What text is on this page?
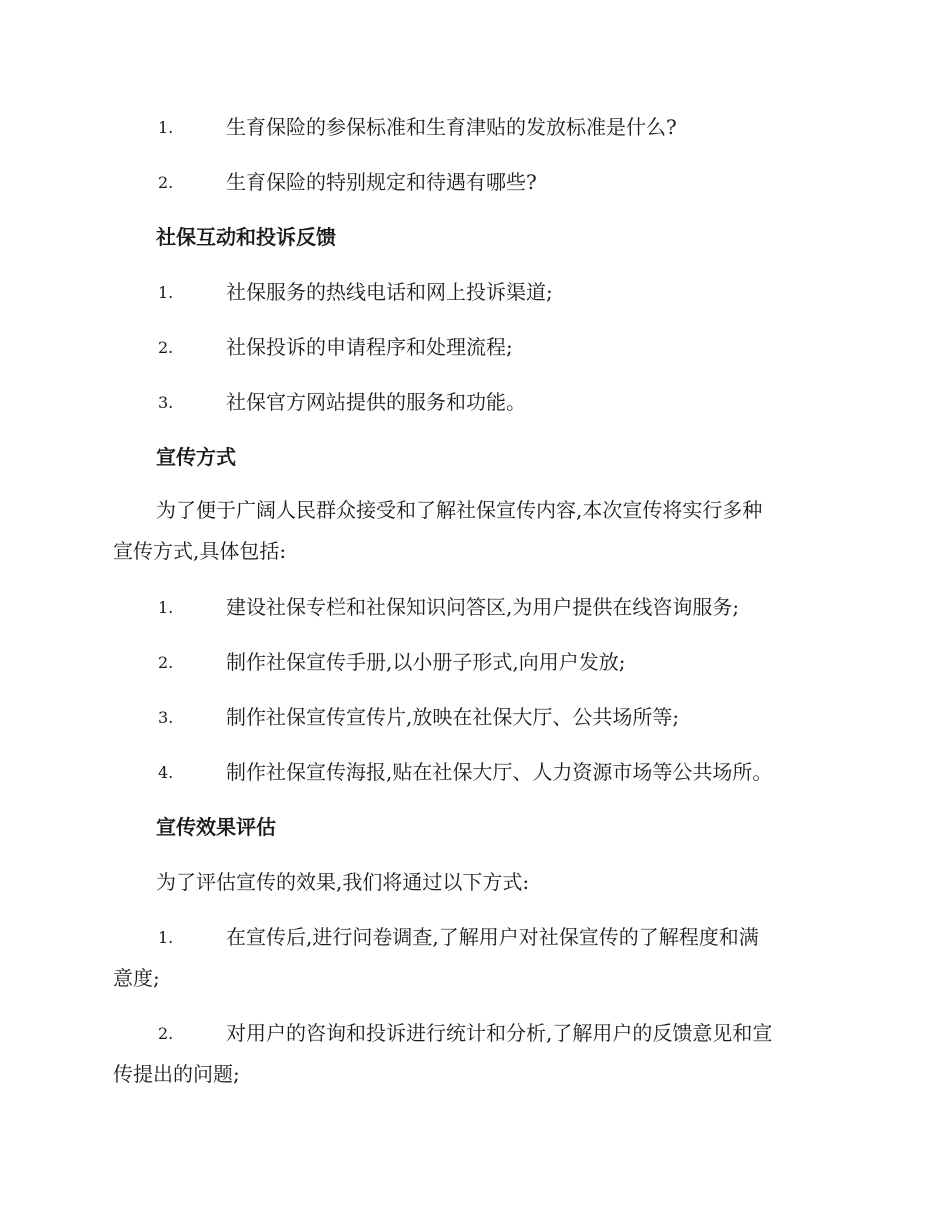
1.	生育保险的参保标准和生育津贴的发放标准是什么?
2.	生育保险的特别规定和待遇有哪些?
社保互动和投诉反馈
1.	社保服务的热线电话和网上投诉渠道;
2.	社保投诉的申请程序和处理流程;
3.	社保官方网站提供的服务和功能。
宣传方式
为了便于广阔人民群众接受和了解社保宣传内容,本次宣传将实行多种
宣传方式,具体包括:
1.	建设社保专栏和社保知识问答区,为用户提供在线咨询服务;
2.	制作社保宣传手册,以小册子形式,向用户发放;
3.	制作社保宣传宣传片,放映在社保大厅、公共场所等;
4.	制作社保宣传海报,贴在社保大厅、人力资源市场等公共场所。
宣传效果评估
为了评估宣传的效果,我们将通过以下方式:
1.	在宣传后,进行问卷调查,了解用户对社保宣传的了解程度和满
意度;
2.	对用户的咨询和投诉进行统计和分析,了解用户的反馈意见和宣
传提出的问题;
